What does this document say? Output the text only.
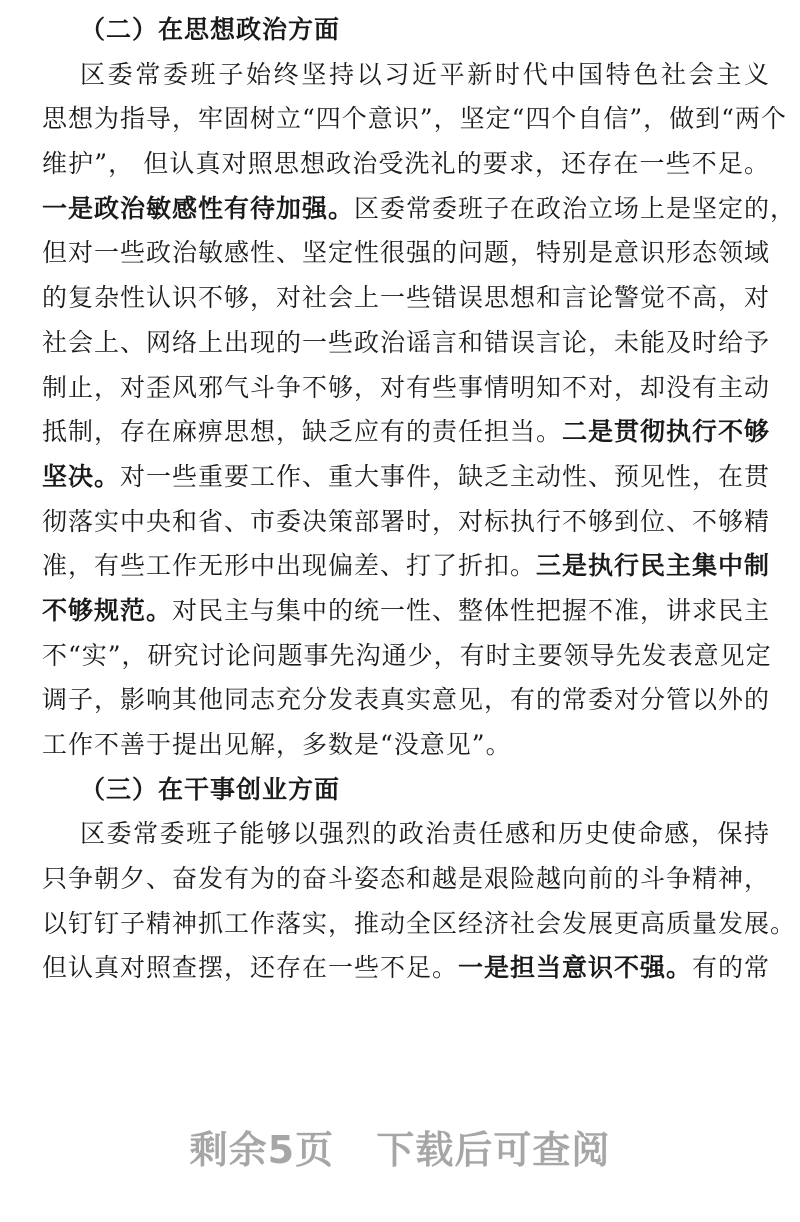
（二）在思想政治方面
区委常委班子始终坚持以习近平新时代中国特色社会主义
思想为指导，牢固树立“四个意识”，坚定“四个自信”，做到“两个
维护”， 但认真对照思想政治受洗礼的要求，还存在一些不足。
一是政治敏感性有待加强。区委常委班子在政治立场上是坚定的，
但对一些政治敏感性、坚定性很强的问题，特别是意识形态领域
的复杂性认识不够，对社会上一些错误思想和言论警觉不高，对
社会上、网络上出现的一些政治谣言和错误言论，未能及时给予
制止，对歪风邪气斗争不够，对有些事情明知不对，却没有主动
抵制，存在麻痹思想，缺乏应有的责任担当。二是贯彻执行不够
坚决。对一些重要工作、重大事件，缺乏主动性、预见性，在贯
彻落实中央和省、市委决策部署时，对标执行不够到位、不够精
准，有些工作无形中出现偏差、打了折扣。三是执行民主集中制
不够规范。对民主与集中的统一性、整体性把握不准，讲求民主
不“实”，研究讨论问题事先沟通少，有时主要领导先发表意见定
调子，影响其他同志充分发表真实意见，有的常委对分管以外的
工作不善于提出见解，多数是“没意见”。
（三）在干事创业方面
区委常委班子能够以强烈的政治责任感和历史使命感，保持
只争朝夕、奋发有为的奋斗姿态和越是艰险越向前的斗争精神，
以钉钉子精神抓工作落实，推动全区经济社会发展更高质量发展。
但认真对照查摆，还存在一些不足。一是担当意识不强。有的常
剩余5页 下载后可查阅
